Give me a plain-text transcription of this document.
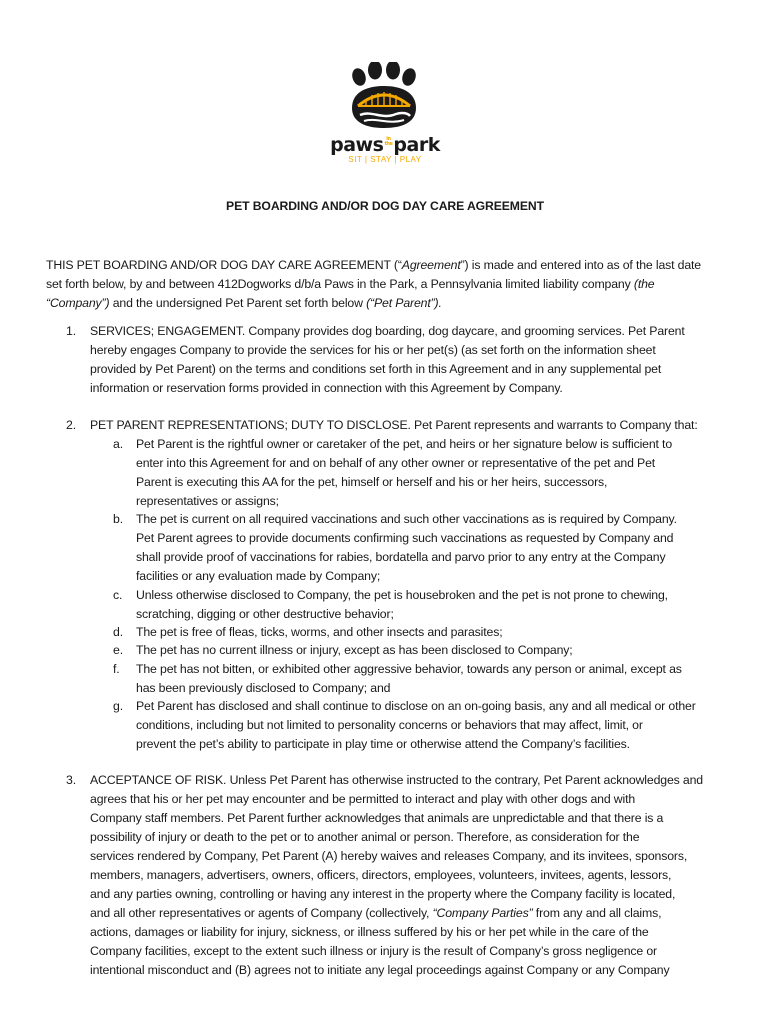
paws in
thepark
SIT | STAY | PLAY
PET BOARDING AND/OR DOG DAY CARE AGREEMENT
THIS PET BOARDING AND/OR DOG DAY CARE AGREEMENT (“Agreement”) is made and entered into as of the last date
set forth below, by and between 412Dogworks d/b/a Paws in the Park, a Pennsylvania limited liability company (the
“Company”) and the undersigned Pet Parent set forth below (“Pet Parent”).
1. SERVICES; ENGAGEMENT. Company provides dog boarding, dog daycare, and grooming services. Pet Parent
hereby engages Company to provide the services for his or her pet(s) (as set forth on the information sheet
provided by Pet Parent) on the terms and conditions set forth in this Agreement and in any supplemental pet
information or reservation forms provided in connection with this Agreement by Company.
2. PET PARENT REPRESENTATIONS; DUTY TO DISCLOSE. Pet Parent represents and warrants to Company that:
a. Pet Parent is the rightful owner or caretaker of the pet, and heirs or her signature below is sufficient to
enter into this Agreement for and on behalf of any other owner or representative of the pet and Pet
Parent is executing this AA for the pet, himself or herself and his or her heirs, successors,
representatives or assigns;
b. The pet is current on all required vaccinations and such other vaccinations as is required by Company.
Pet Parent agrees to provide documents confirming such vaccinations as requested by Company and
shall provide proof of vaccinations for rabies, bordatella and parvo prior to any entry at the Company
facilities or any evaluation made by Company;
c. Unless otherwise disclosed to Company, the pet is housebroken and the pet is not prone to chewing,
scratching, digging or other destructive behavior;
d. The pet is free of fleas, ticks, worms, and other insects and parasites;
e. The pet has no current illness or injury, except as has been disclosed to Company;
f. The pet has not bitten, or exhibited other aggressive behavior, towards any person or animal, except as
has been previously disclosed to Company; and
g. Pet Parent has disclosed and shall continue to disclose on an on-going basis, any and all medical or other
conditions, including but not limited to personality concerns or behaviors that may affect, limit, or
prevent the pet’s ability to participate in play time or otherwise attend the Company’s facilities.
3. ACCEPTANCE OF RISK. Unless Pet Parent has otherwise instructed to the contrary, Pet Parent acknowledges and
agrees that his or her pet may encounter and be permitted to interact and play with other dogs and with
Company staff members. Pet Parent further acknowledges that animals are unpredictable and that there is a
possibility of injury or death to the pet or to another animal or person. Therefore, as consideration for the
services rendered by Company, Pet Parent (A) hereby waives and releases Company, and its invitees, sponsors,
members, managers, advertisers, owners, officers, directors, employees, volunteers, invitees, agents, lessors,
and any parties owning, controlling or having any interest in the property where the Company facility is located,
and all other representatives or agents of Company (collectively, “Company Parties” from any and all claims,
actions, damages or liability for injury, sickness, or illness suffered by his or her pet while in the care of the
Company facilities, except to the extent such illness or injury is the result of Company’s gross negligence or
intentional misconduct and (B) agrees not to initiate any legal proceedings against Company or any Company
